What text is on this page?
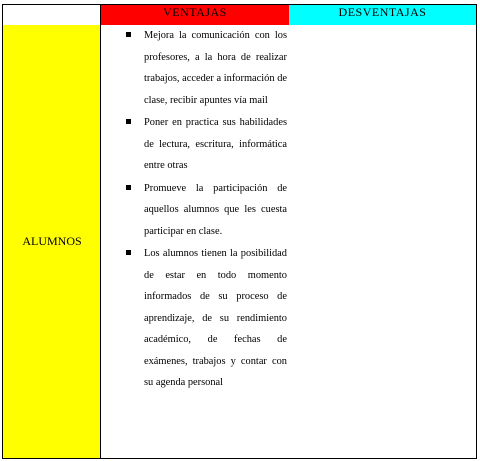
VENTAJAS	DESVENTAJAS
ALUMNOS
Mejora la comunicación con los profesores, a la hora de realizar trabajos, acceder a información de clase, recibir apuntes vía mail
Poner en practica sus habilidades de lectura, escritura, informática entre otras
Promueve la participación de aquellos alumnos que les cuesta participar en clase.
Los alumnos tienen la posibilidad de estar en todo momento informados de su proceso de aprendizaje, de su rendimiento académico, de fechas de exámenes, trabajos y contar con su agenda personal
